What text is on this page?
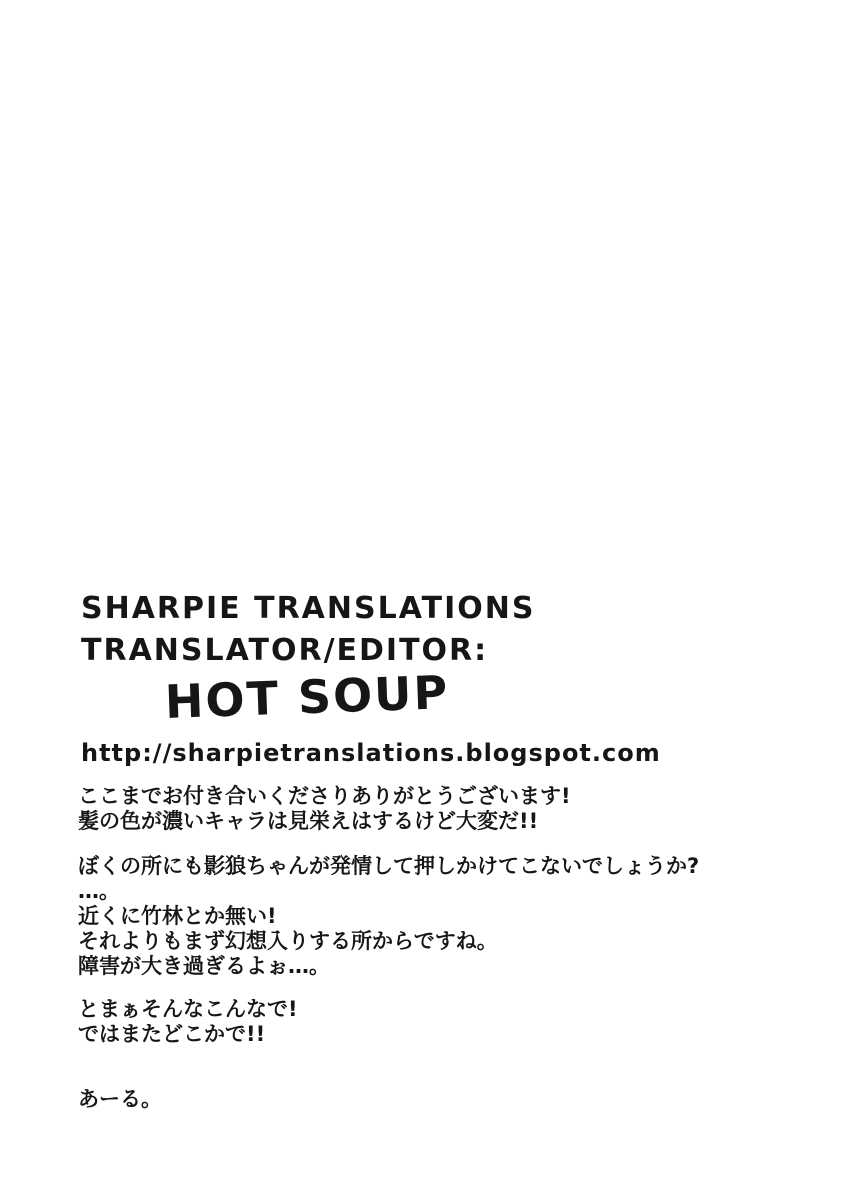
SHARPIE TRANSLATIONS
TRANSLATOR/EDITOR:
HOT SOUP
http://sharpietranslations.blogspot.com

ここまでお付き合いくださりありがとうございます!
髪の色が濃いキャラは見栄えはするけど大変だ!!

ぼくの所にも影狼ちゃんが発情して押しかけてこないでしょうか?
…。
近くに竹林とか無い!
それよりもまず幻想入りする所からですね。
障害が大き過ぎるよぉ…。

とまぁそんなこんなで!
ではまたどこかで!!

あーる。
